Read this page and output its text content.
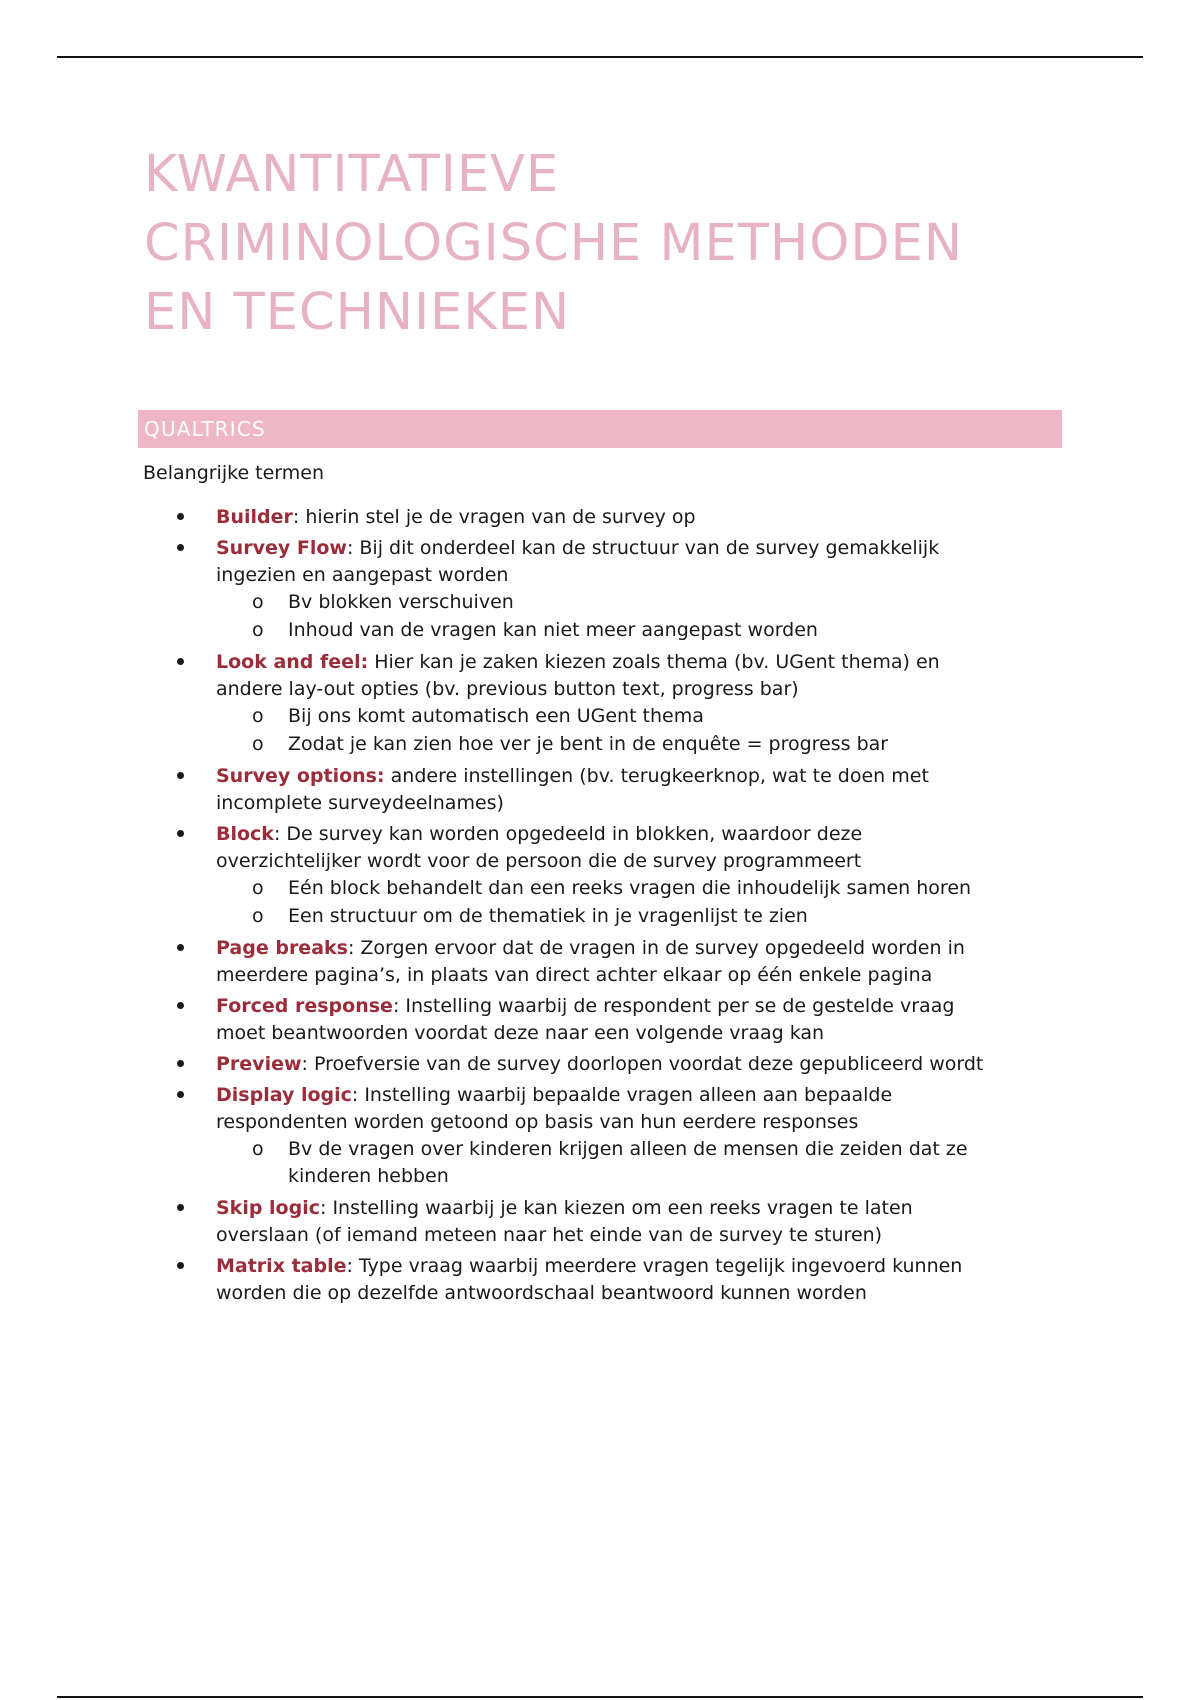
KWANTITATIEVE
CRIMINOLOGISCHE METHODEN
EN TECHNIEKEN
QUALTRICS
Belangrijke termen
Builder: hierin stel je de vragen van de survey op
Survey Flow: Bij dit onderdeel kan de structuur van de survey gemakkelijk
ingezien en aangepast worden
o Bv blokken verschuiven
o Inhoud van de vragen kan niet meer aangepast worden
Look and feel: Hier kan je zaken kiezen zoals thema (bv. UGent thema) en
andere lay-out opties (bv. previous button text, progress bar)
o Bij ons komt automatisch een UGent thema
o Zodat je kan zien hoe ver je bent in de enquête = progress bar
Survey options: andere instellingen (bv. terugkeerknop, wat te doen met
incomplete surveydeelnames)
Block: De survey kan worden opgedeeld in blokken, waardoor deze
overzichtelijker wordt voor de persoon die de survey programmeert
o Eén block behandelt dan een reeks vragen die inhoudelijk samen horen
o Een structuur om de thematiek in je vragenlijst te zien
Page breaks: Zorgen ervoor dat de vragen in de survey opgedeeld worden in
meerdere pagina’s, in plaats van direct achter elkaar op één enkele pagina
Forced response: Instelling waarbij de respondent per se de gestelde vraag
moet beantwoorden voordat deze naar een volgende vraag kan
Preview: Proefversie van de survey doorlopen voordat deze gepubliceerd wordt
Display logic: Instelling waarbij bepaalde vragen alleen aan bepaalde
respondenten worden getoond op basis van hun eerdere responses
o Bv de vragen over kinderen krijgen alleen de mensen die zeiden dat ze
kinderen hebben
Skip logic: Instelling waarbij je kan kiezen om een reeks vragen te laten
overslaan (of iemand meteen naar het einde van de survey te sturen)
Matrix table: Type vraag waarbij meerdere vragen tegelijk ingevoerd kunnen
worden die op dezelfde antwoordschaal beantwoord kunnen worden
